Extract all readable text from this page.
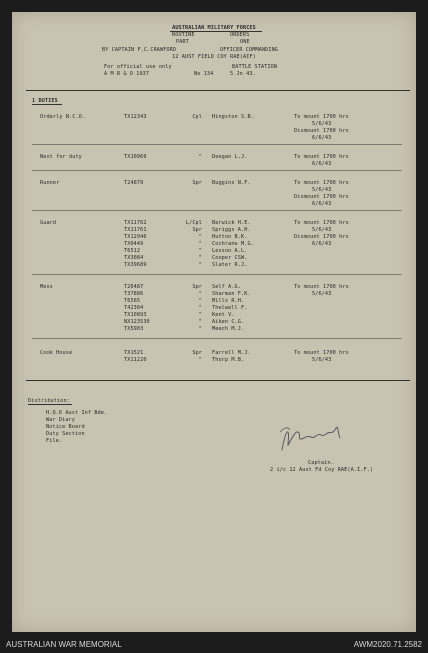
AUSTRALIAN MILITARY FORCES
ROUTINE	ORDERS
PART	ONE
BY CAPTAIN F.C.CRAWFORD	OFFICER COMMANDING
12 AUST FIELD COY RAE(AIF)
For official use only	BATTLE STATION
A M R & O 1937	No 134	5 Jn 43.
1 DUTIES
Orderly N.C.O.	TX12343	Cpl Hingston S.B.	To mount 1700 hrs
5/6/43
Dismount 1700 hrs
6/6/43
Next for duty	TX10969	" Deegan L.J.	To mount 1700 hrs
6/6/43
Runner	T24879	Spr Buggins N.F.	To mount 1700 hrs
5/6/43
Dismount 1700 hrs
6/6/43
Guard	TX11762	L/Cpl Berwick H.E.
TX11761	Spr Spriggs A.H.
TX12946	" Hutton B.K.
TX0449	" Cochrane M.G.
T6512	" Lesson A.L.
TX3084	" Cooper CSW.
TX39689	" Slater R.J.
To mount 1700 hrs
5/6/43
Dismount 1700 hrs
6/6/43
Mess	T26487	Spr Self A.G.
T37886	" Sharman F.K.
T6565	" Mills R.H.
T42304	" Thelwell F.
TX10893	" Kent V.
NX123530	" Aiken C.G.
TX5903	" Meech M.J.
To mount 1700 hrs
5/6/43
Cook House	TX1521	Spr Farrell M.J.
TX11220	" Thorp M.B.
To mount 1700 hrs
5/6/43
Distribution:
H.Q.6 Aust Inf Bde.
War Diary
Notice Board
Duty Section
File.
Captain.
2 i/c 12 Aust Fd Coy RAE(A.I.F.)
AUSTRALIAN WAR MEMORIAL	AWM2020.71.2582
